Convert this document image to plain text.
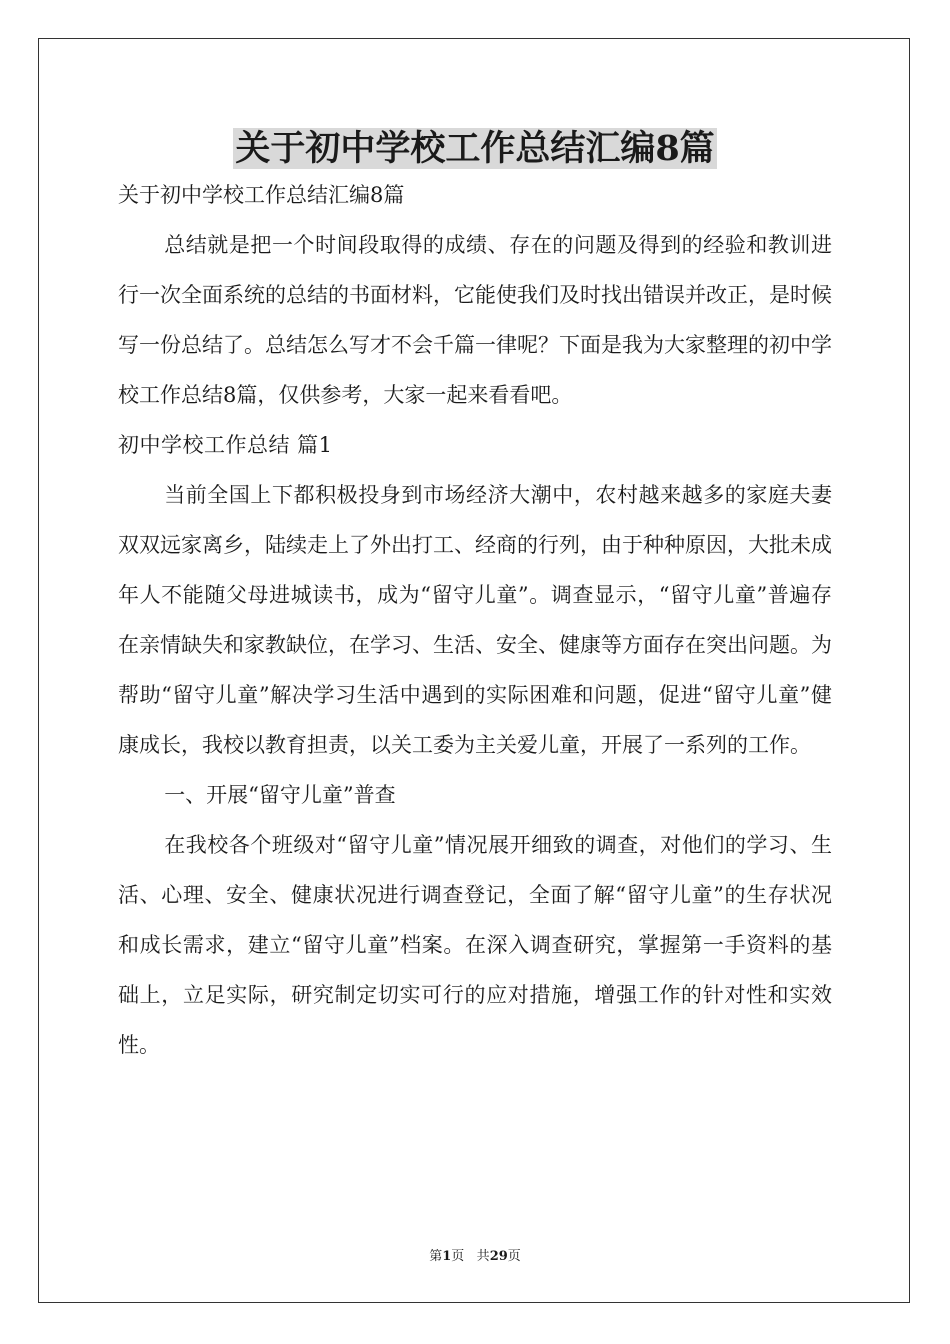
关于初中学校工作总结汇编8篇

关于初中学校工作总结汇编8篇

总结就是把一个时间段取得的成绩、存在的问题及得到的经验和教训进行一次全面系统的总结的书面材料，它能使我们及时找出错误并改正，是时候写一份总结了。总结怎么写才不会千篇一律呢？下面是我为大家整理的初中学校工作总结8篇，仅供参考，大家一起来看看吧。

初中学校工作总结 篇1

当前全国上下都积极投身到市场经济大潮中，农村越来越多的家庭夫妻双双远家离乡，陆续走上了外出打工、经商的行列，由于种种原因，大批未成年人不能随父母进城读书，成为“留守儿童”。调查显示，“留守儿童”普遍存在亲情缺失和家教缺位，在学习、生活、安全、健康等方面存在突出问题。为帮助“留守儿童”解决学习生活中遇到的实际困难和问题，促进“留守儿童”健康成长，我校以教育担责，以关工委为主关爱儿童，开展了一系列的工作。

一、开展“留守儿童”普查

在我校各个班级对“留守儿童”情况展开细致的调查，对他们的学习、生活、心理、安全、健康状况进行调查登记，全面了解“留守儿童”的生存状况和成长需求，建立“留守儿童”档案。在深入调查研究，掌握第一手资料的基础上，立足实际，研究制定切实可行的应对措施，增强工作的针对性和实效性。

第1页 共29页
